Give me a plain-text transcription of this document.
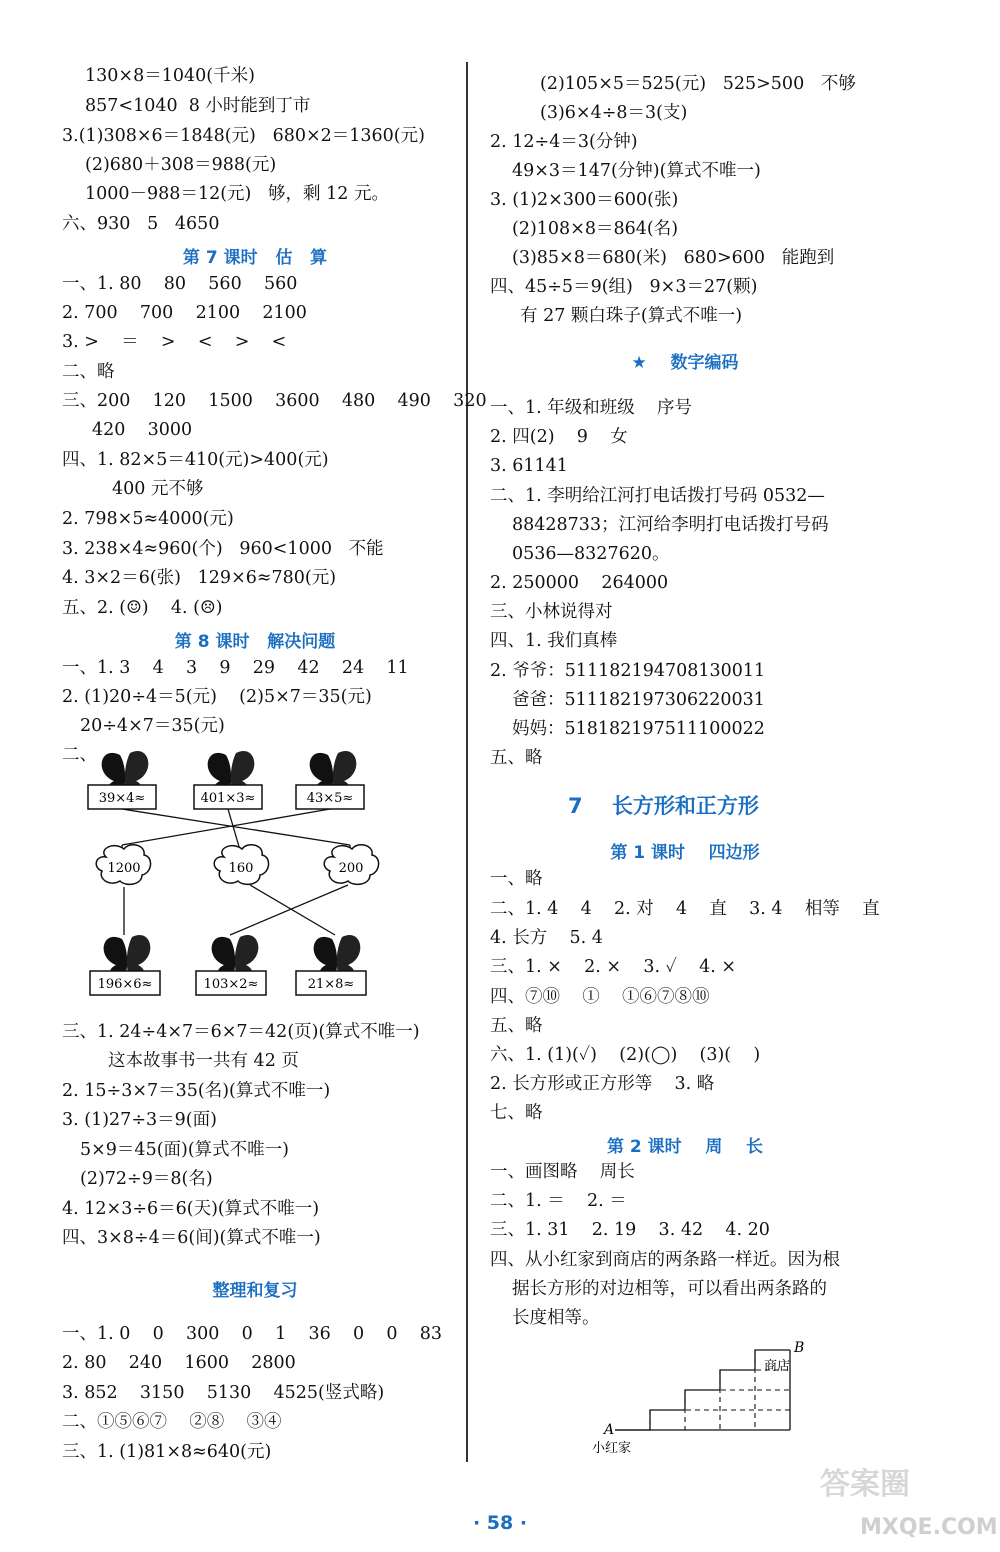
7    长方形和正方形
39×4≈	401×3≈	43×5≈
1200	160	200
196×6≈	103×2≈	21×8≈
A
B
商店
小红家
· 58 ·
答案圈
MXQE.COM
130×8＝1040(千米)
857<1040  8 小时能到丁市
3.(1)308×6＝1848(元)   680×2＝1360(元)
(2)680＋308＝988(元)
1000－988＝12(元)   够，剩 12 元。
六、930   5   4650
一、1. 80    80    560    560
2. 700    700    2100    2100
3. >    ＝    >    <    >    <
二、略
三、200    120    1500    3600    480    490    320
420    3000
四、1. 82×5＝410(元)>400(元)
400 元不够
2. 798×5≈4000(元)
3. 238×4≈960(个)   960<1000   不能
4. 3×2＝6(张)   129×6≈780(元)
五、2. (☺)    4. (☹)
一、1. 3    4    3    9    29    42    24    11
2. (1)20÷4＝5(元)    (2)5×7＝35(元)
20÷4×7＝35(元)
二、
三、1. 24÷4×7＝6×7＝42(页)(算式不唯一)
这本故事书一共有 42 页
2. 15÷3×7＝35(名)(算式不唯一)
3. (1)27÷3＝9(面)
5×9＝45(面)(算式不唯一)
(2)72÷9＝8(名)
4. 12×3÷6＝6(天)(算式不唯一)
四、3×8÷4＝6(间)(算式不唯一)
一、1. 0    0    300    0    1    36    0    0    83
2. 80    240    1600    2800
3. 852    3150    5130    4525(竖式略)
二、①⑤⑥⑦    ②⑧    ③④
三、1. (1)81×8≈640(元)
(2)105×5＝525(元)   525>500   不够
(3)6×4÷8＝3(支)
2. 12÷4＝3(分钟)
49×3＝147(分钟)(算式不唯一)
3. (1)2×300＝600(张)
(2)108×8＝864(名)
(3)85×8＝680(米)   680>600   能跑到
四、45÷5＝9(组)   9×3＝27(颗)
有 27 颗白珠子(算式不唯一)
一、1. 年级和班级    序号
2. 四(2)    9    女
3. 61141
二、1. 李明给江河打电话拨打号码 0532—
88428733；江河给李明打电话拨打号码
0536—8327620。
2. 250000    264000
三、小林说得对
四、1. 我们真棒
2. 爷爷：511182194708130011
爸爸：511182197306220031
妈妈：518182197511100022
五、略
一、略
二、1. 4    4    2. 对    4    直    3. 4    相等    直
4. 长方    5. 4
三、1. ×    2. ×    3. ✓    4. ×
四、⑦⑩    ①    ①⑥⑦⑧⑩
五、略
六、1. (1)(✓)    (2)(◯)    (3)(    )
2. 长方形或正方形等    3. 略
七、略
一、画图略    周长
二、1. ＝    2. ＝
三、1. 31    2. 19    3. 42    4. 20
四、从小红家到商店的两条路一样近。因为根
据长方形的对边相等，可以看出两条路的
长度相等。
第 7 课时   估   算
第 8 课时   解决问题
整理和复习
★    数字编码
第 1 课时    四边形
第 2 课时    周    长
